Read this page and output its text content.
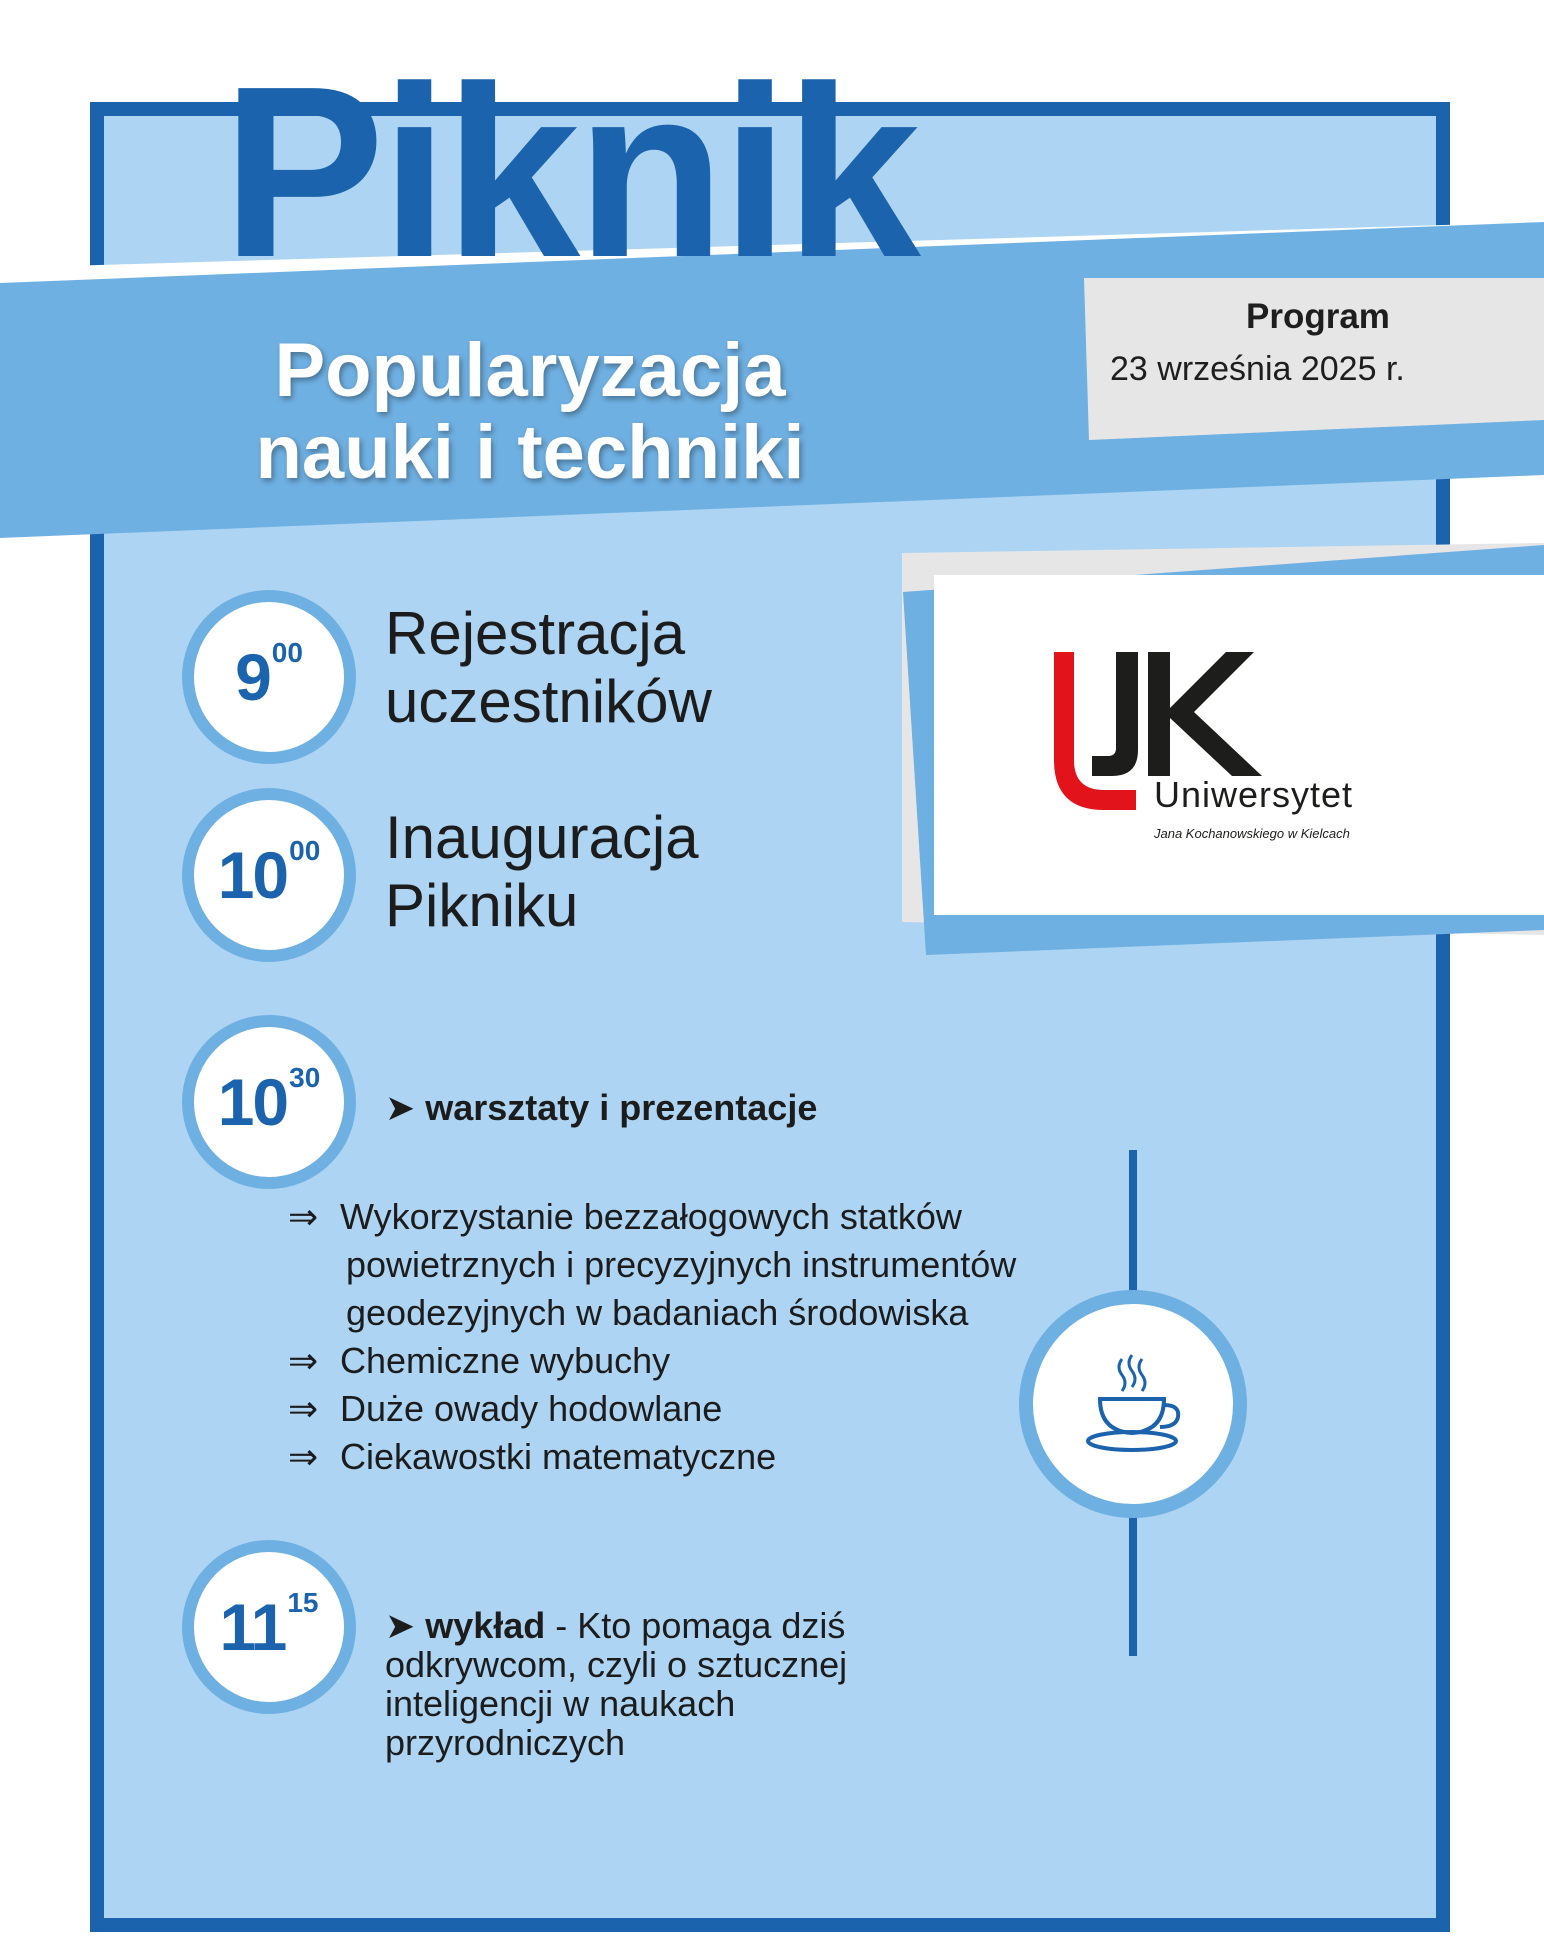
Piknik
Popularyzacja
nauki i techniki
Program
23 września 2025 r.
Uniwersytet
Jana Kochanowskiego w Kielcach
$9^{00}$ Rejestracja
uczestników
$10^{00}$ Inauguracja
Pikniku
$10^{30}$
➤ warsztaty i prezentacje
⇒ Wykorzystanie bezzałogowych statków
powietrznych i precyzyjnych instrumentów
geodezyjnych w badaniach środowiska
⇒ Chemiczne wybuchy
⇒ Duże owady hodowlane
⇒ Ciekawostki matematyczne
$11^{15}$
➤ wykład - Kto pomaga dziś
odkrywcom, czyli o sztucznej
inteligencji w naukach
przyrodniczych
